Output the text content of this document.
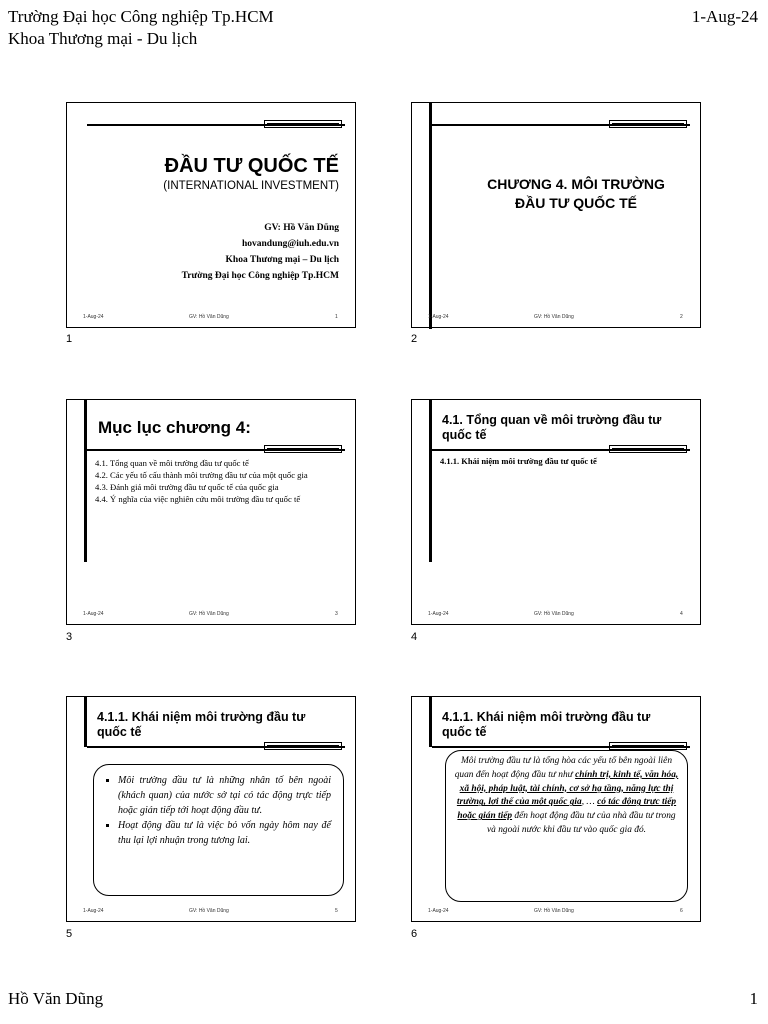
Trường Đại học Công nghiệp Tp.HCM
Khoa Thương mại - Du lịch
1-Aug-24
ĐẦU TƯ QUỐC TẾ
(INTERNATIONAL INVESTMENT)
GV: Hồ Văn Dũng
hovandung@iuh.edu.vn
Khoa Thương mại – Du lịch
Trường Đại học Công nghiệp Tp.HCM
1-Aug-24	GV: Hồ Văn Dũng	1
1
CHƯƠNG 4. MÔI TRƯỜNG
ĐẦU TƯ QUỐC TẾ
1-Aug-24	GV: Hồ Văn Dũng	2
2
Mục lục chương 4:
4.1. Tổng quan về môi trường đầu tư quốc tế
4.2. Các yếu tố cấu thành môi trường đầu tư của một quốc gia
4.3. Đánh giá môi trường đầu tư quốc tế của quốc gia
4.4. Ý nghĩa của việc nghiên cứu môi trường đầu tư quốc tế
1-Aug-24	GV: Hồ Văn Dũng	3
3
4.1. Tổng quan về môi trường đầu tư
quốc tế
4.1.1. Khái niệm môi trường đầu tư quốc tế
1-Aug-24	GV: Hồ Văn Dũng	4
4
4.1.1. Khái niệm môi trường đầu tư
quốc tế
▪ Môi trường đầu tư là những nhân tố bên ngoài (khách quan) của nước sở tại có tác động trực tiếp hoặc gián tiếp tới hoạt động đầu tư.
▪ Hoạt động đầu tư là việc bỏ vốn ngày hôm nay để thu lại lợi nhuận trong tương lai.
1-Aug-24	GV: Hồ Văn Dũng	5
5
4.1.1. Khái niệm môi trường đầu tư
quốc tế
Môi trường đầu tư là tổng hòa các yếu tố bên ngoài liên quan đến hoạt động đầu tư như chính trị, kinh tế, văn hóa, xã hội, pháp luật, tài chính, cơ sở hạ tầng, năng lực thị trường, lợi thế của một quốc gia, … có tác động trực tiếp hoặc gián tiếp đến hoạt động đầu tư của nhà đầu tư trong và ngoài nước khi đầu tư vào quốc gia đó.
1-Aug-24	GV: Hồ Văn Dũng	6
6
Hồ Văn Dũng	1
